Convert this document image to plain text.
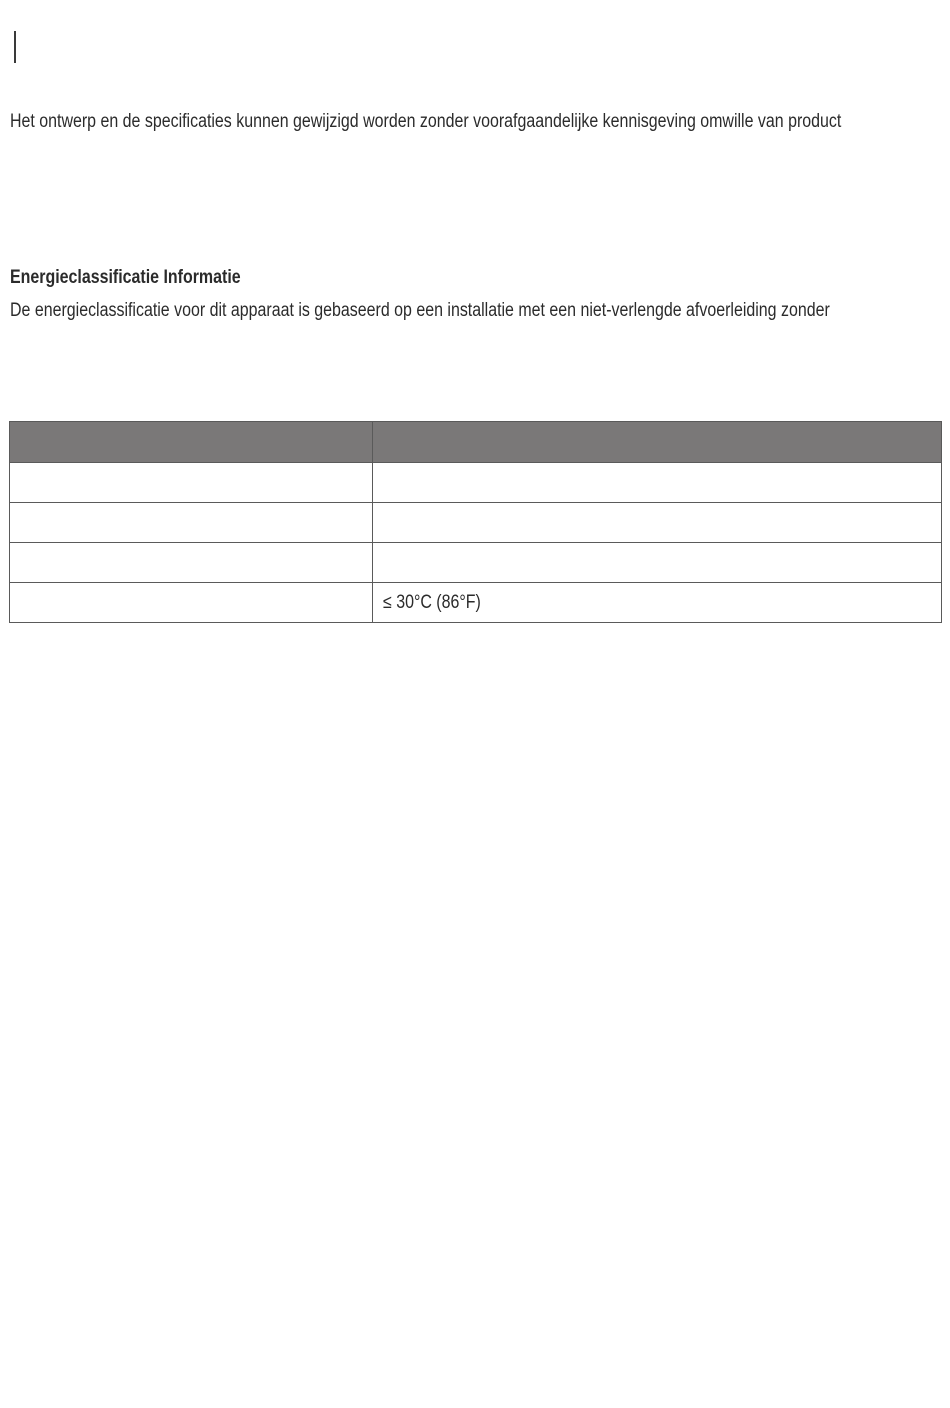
Het ontwerp en de specificaties kunnen gewijzigd worden zonder voorafgaandelijke kennisgeving omwille van product
Energieclassificatie Informatie
De energieclassificatie voor dit apparaat is gebaseerd op een installatie met een niet-verlengde afvoerleiding zonder

	≤ 30°C (86°F)
